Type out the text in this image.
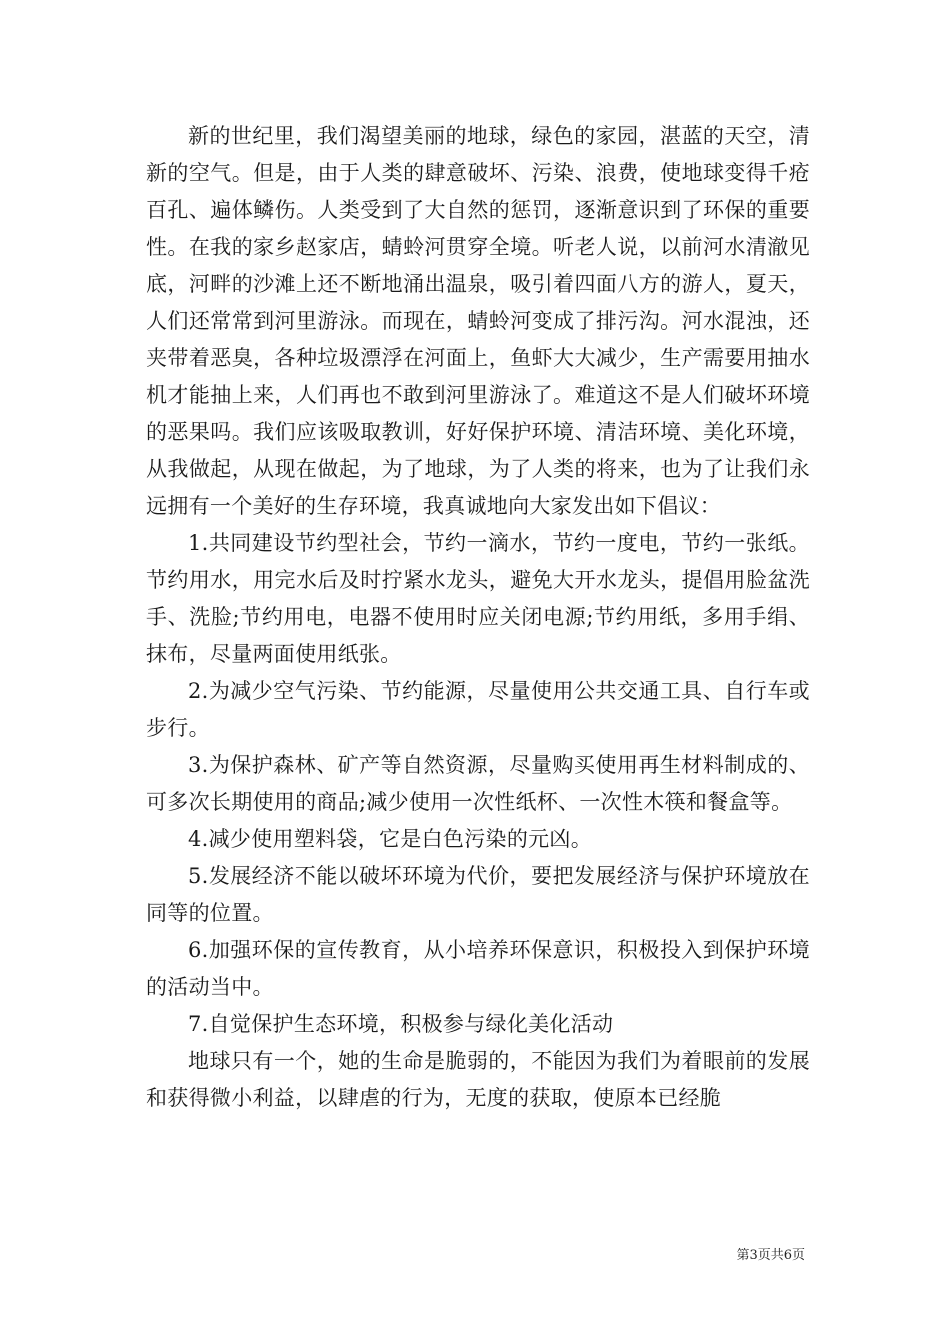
新的世纪里，我们渴望美丽的地球，绿色的家园，湛蓝的天空，清新的空气。但是，由于人类的肆意破坏、污染、浪费，使地球变得千疮百孔、遍体鳞伤。人类受到了大自然的惩罚，逐渐意识到了环保的重要性。在我的家乡赵家店，蜻蛉河贯穿全境。听老人说，以前河水清澈见底，河畔的沙滩上还不断地涌出温泉，吸引着四面八方的游人，夏天，人们还常常到河里游泳。而现在，蜻蛉河变成了排污沟。河水混浊，还夹带着恶臭，各种垃圾漂浮在河面上，鱼虾大大减少，生产需要用抽水机才能抽上来，人们再也不敢到河里游泳了。难道这不是人们破坏环境的恶果吗。我们应该吸取教训，好好保护环境、清洁环境、美化环境，从我做起，从现在做起，为了地球，为了人类的将来，也为了让我们永远拥有一个美好的生存环境，我真诚地向大家发出如下倡议：

1.共同建设节约型社会，节约一滴水，节约一度电，节约一张纸。节约用水，用完水后及时拧紧水龙头，避免大开水龙头，提倡用脸盆洗手、洗脸;节约用电，电器不使用时应关闭电源;节约用纸，多用手绢、抹布，尽量两面使用纸张。

2.为减少空气污染、节约能源，尽量使用公共交通工具、自行车或步行。

3.为保护森林、矿产等自然资源，尽量购买使用再生材料制成的、可多次长期使用的商品;减少使用一次性纸杯、一次性木筷和餐盒等。

4.减少使用塑料袋，它是白色污染的元凶。

5.发展经济不能以破坏环境为代价，要把发展经济与保护环境放在同等的位置。

6.加强环保的宣传教育，从小培养环保意识，积极投入到保护环境的活动当中。

7.自觉保护生态环境，积极参与绿化美化活动

地球只有一个，她的生命是脆弱的，不能因为我们为着眼前的发展和获得微小利益，以肆虐的行为，无度的获取，使原本已经脆

第3页共6页
